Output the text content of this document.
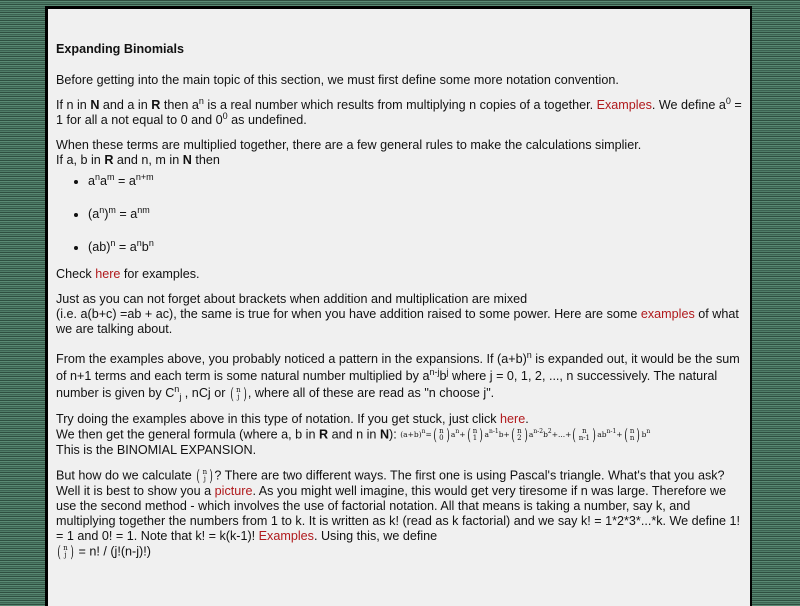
Expanding Binomials

Before getting into the main topic of this section, we must first define some more notation convention.

If n in N and a in R then $a^n$ is a real number which results from multiplying n copies of a together. Examples. We define $a^0 = 1$ for all a not equal to 0 and $0^0$ as undefined.

When these terms are multiplied together, there are a few general rules to make the calculations simplier.
If a, b in R and n, m in N then

• $a^na^m = a^{n+m}$
• $(a^n)^m = a^{nm}$
• $(ab)^n = a^nb^n$

Check here for examples.

Just as you can not forget about brackets when addition and multiplication are mixed
(i.e. a(b+c) =ab + ac), the same is true for when you have addition raised to some power. Here are some examples of what we are talking about.

From the examples above, you probably noticed a pattern in the expansions. If $(a+b)^n$ is expanded out, it would be the sum of n+1 terms and each term is some natural number multiplied by $a^{n-j}b^j$ where j = 0, 1, 2, ..., n successively. The natural number is given by $C^n_j$ , nCj or ( n
j ) , where all of these are read as "n choose j".

Try doing the examples above in this type of notation. If you get stuck, just click here.
We then get the general formula (where a, b in R and n in N): $(a+b)^n=$ ( n
0 ) $a^n+$ ( n
1 ) $a^{n-1}b+$ ( n
2 ) $a^{n-2}b^2+...+$ ( n
n-1 ) $ab^{n-1}+$ ( n
n ) $b^n$
This is the BINOMIAL EXPANSION.

But how do we calculate ( n
j ) ? There are two different ways. The first one is using Pascal's triangle. What's that you ask? Well it is best to show you a picture. As you might well imagine, this would get very tiresome if n was large. Therefore we use the second method - which involves the use of factorial notation. All that means is taking a number, say k, and multiplying together the numbers from 1 to k. It is written as k! (read as k factorial) and we say k! = 1*2*3*...*k. We define 1! = 1 and 0! = 1. Note that k! = k(k-1)! Examples. Using this, we define

( n
j ) = n! / (j!(n-j)!)
